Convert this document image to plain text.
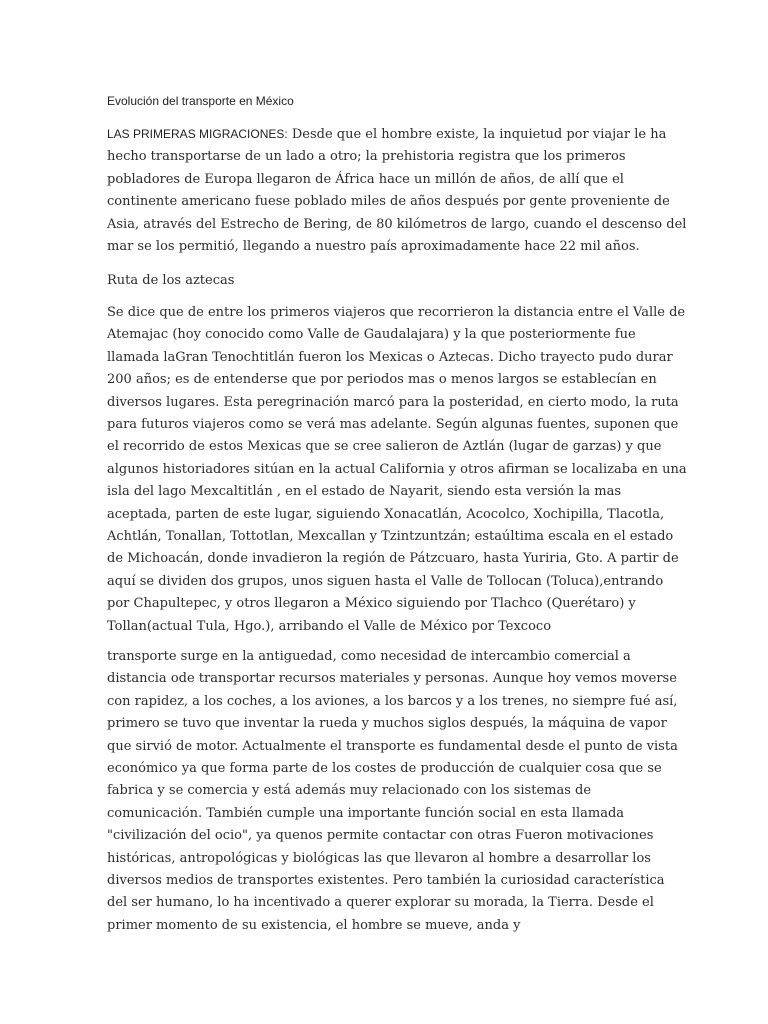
Evolución del transporte en México

LAS PRIMERAS MIGRACIONES: Desde que el hombre existe, la inquietud por viajar le ha hecho transportarse de un lado a otro; la prehistoria registra que los primeros pobladores de Europa llegaron de África hace un millón de años, de allí que el continente americano fuese poblado miles de años después por gente proveniente de Asia, através del Estrecho de Bering, de 80 kilómetros de largo, cuando el descenso del mar se los permitió, llegando a nuestro país aproximadamente hace 22 mil años.

Ruta de los aztecas

Se dice que de entre los primeros viajeros que recorrieron la distancia entre el Valle de Atemajac (hoy conocido como Valle de Gaudalajara) y la que posteriormente fue llamada laGran Tenochtitlán fueron los Mexicas o Aztecas. Dicho trayecto pudo durar 200 años; es de entenderse que por periodos mas o menos largos se establecían en diversos lugares. Esta peregrinación marcó para la posteridad, en cierto modo, la ruta para futuros viajeros como se verá mas adelante. Según algunas fuentes, suponen que el recorrido de estos Mexicas que se cree salieron de Aztlán (lugar de garzas) y que algunos historiadores sitúan en la actual California y otros afirman se localizaba en una isla del lago Mexcaltitlán , en el estado de Nayarit, siendo esta versión la mas aceptada, parten de este lugar, siguiendo Xonacatlán, Acocolco, Xochipilla, Tlacotla, Achtlán, Tonallan, Tottotlan, Mexcallan y Tzintzuntzán; estaúltima escala en el estado de Michoacán, donde invadieron la región de Pátzcuaro, hasta Yuriria, Gto. A partir de aquí se dividen dos grupos, unos siguen hasta el Valle de Tollocan (Toluca),entrando por Chapultepec, y otros llegaron a México siguiendo por Tlachco (Querétaro) y Tollan(actual Tula, Hgo.), arribando el Valle de México por Texcoco

transporte surge en la antiguedad, como necesidad de intercambio comercial a distancia ode transportar recursos materiales y personas. Aunque hoy vemos moverse con rapidez, a los coches, a los aviones, a los barcos y a los trenes, no siempre fué así, primero se tuvo que inventar la rueda y muchos siglos después, la máquina de vapor que sirvió de motor. Actualmente el transporte es fundamental desde el punto de vista económico ya que forma parte de los costes de producción de cualquier cosa que se fabrica y se comercia y está además muy relacionado con los sistemas de comunicación. También cumple una importante función social en esta llamada "civilización del ocio", ya quenos permite contactar con otras Fueron motivaciones históricas, antropológicas y biológicas las que llevaron al hombre a desarrollar los diversos medios de transportes existentes. Pero también la curiosidad característica del ser humano, lo ha incentivado a querer explorar su morada, la Tierra. Desde el primer momento de su existencia, el hombre se mueve, anda y
